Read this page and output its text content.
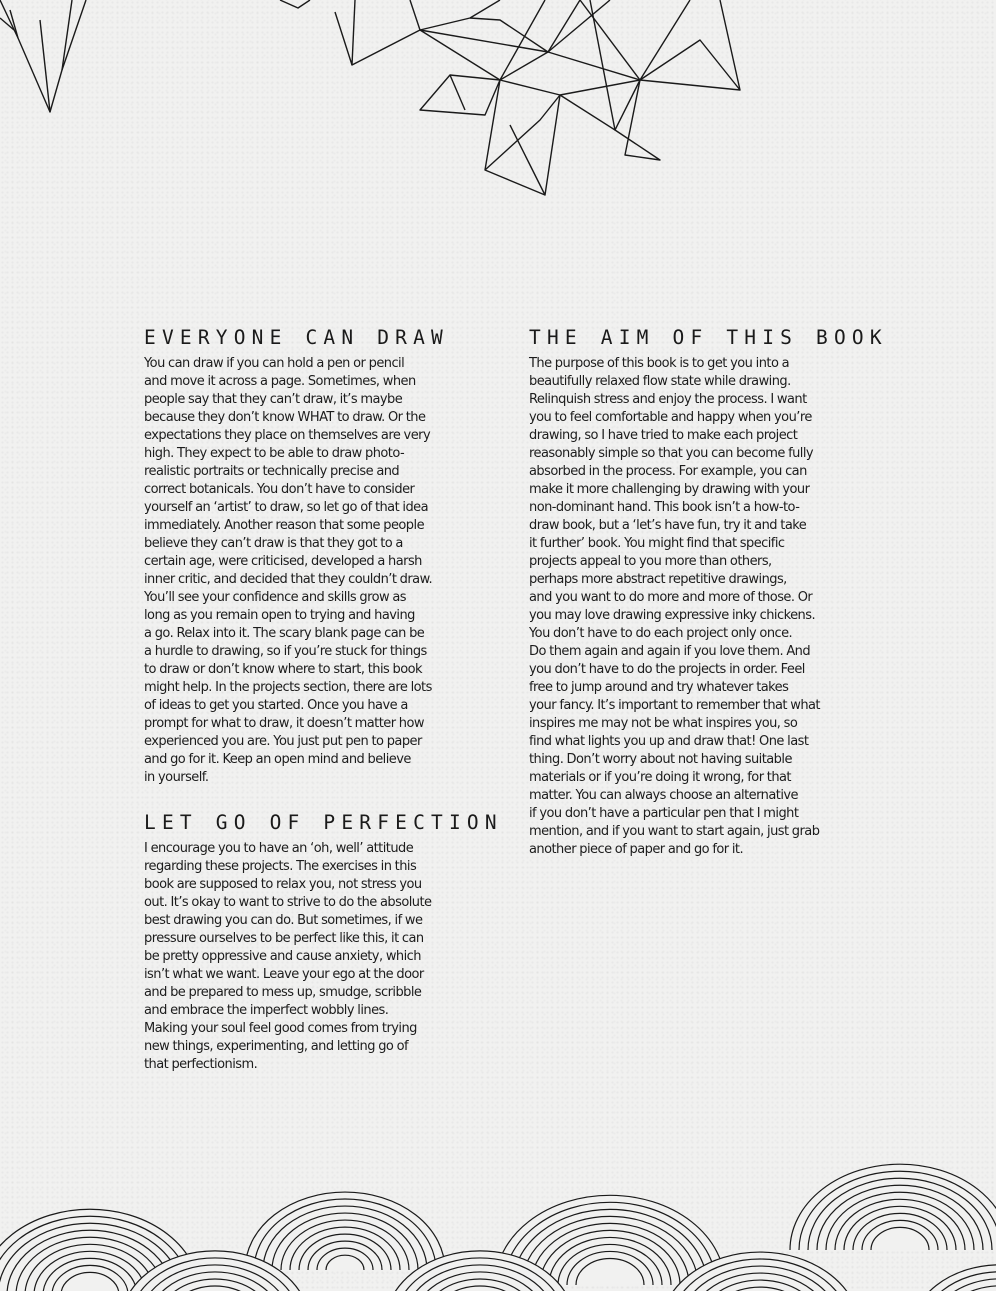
EVERYONE CAN DRAW

You can draw if you can hold a pen or pencil
and move it across a page. Sometimes, when
people say that they can’t draw, it’s maybe
because they don’t know WHAT to draw. Or the
expectations they place on themselves are very
high. They expect to be able to draw photo-
realistic portraits or technically precise and
correct botanicals. You don’t have to consider
yourself an ‘artist’ to draw, so let go of that idea
immediately. Another reason that some people
believe they can’t draw is that they got to a
certain age, were criticised, developed a harsh
inner critic, and decided that they couldn’t draw.
You’ll see your confidence and skills grow as
long as you remain open to trying and having
a go. Relax into it. The scary blank page can be
a hurdle to drawing, so if you’re stuck for things
to draw or don’t know where to start, this book
might help. In the projects section, there are lots
of ideas to get you started. Once you have a
prompt for what to draw, it doesn’t matter how
experienced you are. You just put pen to paper
and go for it. Keep an open mind and believe
in yourself.

LET GO OF PERFECTION

I encourage you to have an ‘oh, well’ attitude
regarding these projects. The exercises in this
book are supposed to relax you, not stress you
out. It’s okay to want to strive to do the absolute
best drawing you can do. But sometimes, if we
pressure ourselves to be perfect like this, it can
be pretty oppressive and cause anxiety, which
isn’t what we want. Leave your ego at the door
and be prepared to mess up, smudge, scribble
and embrace the imperfect wobbly lines.
Making your soul feel good comes from trying
new things, experimenting, and letting go of
that perfectionism.

THE AIM OF THIS BOOK

The purpose of this book is to get you into a
beautifully relaxed flow state while drawing.
Relinquish stress and enjoy the process. I want
you to feel comfortable and happy when you’re
drawing, so I have tried to make each project
reasonably simple so that you can become fully
absorbed in the process. For example, you can
make it more challenging by drawing with your
non-dominant hand. This book isn’t a how-to-
draw book, but a ‘let’s have fun, try it and take
it further’ book. You might find that specific
projects appeal to you more than others,
perhaps more abstract repetitive drawings,
and you want to do more and more of those. Or
you may love drawing expressive inky chickens.
You don’t have to do each project only once.
Do them again and again if you love them. And
you don’t have to do the projects in order. Feel
free to jump around and try whatever takes
your fancy. It’s important to remember that what
inspires me may not be what inspires you, so
find what lights you up and draw that! One last
thing. Don’t worry about not having suitable
materials or if you’re doing it wrong, for that
matter. You can always choose an alternative
if you don’t have a particular pen that I might
mention, and if you want to start again, just grab
another piece of paper and go for it.
